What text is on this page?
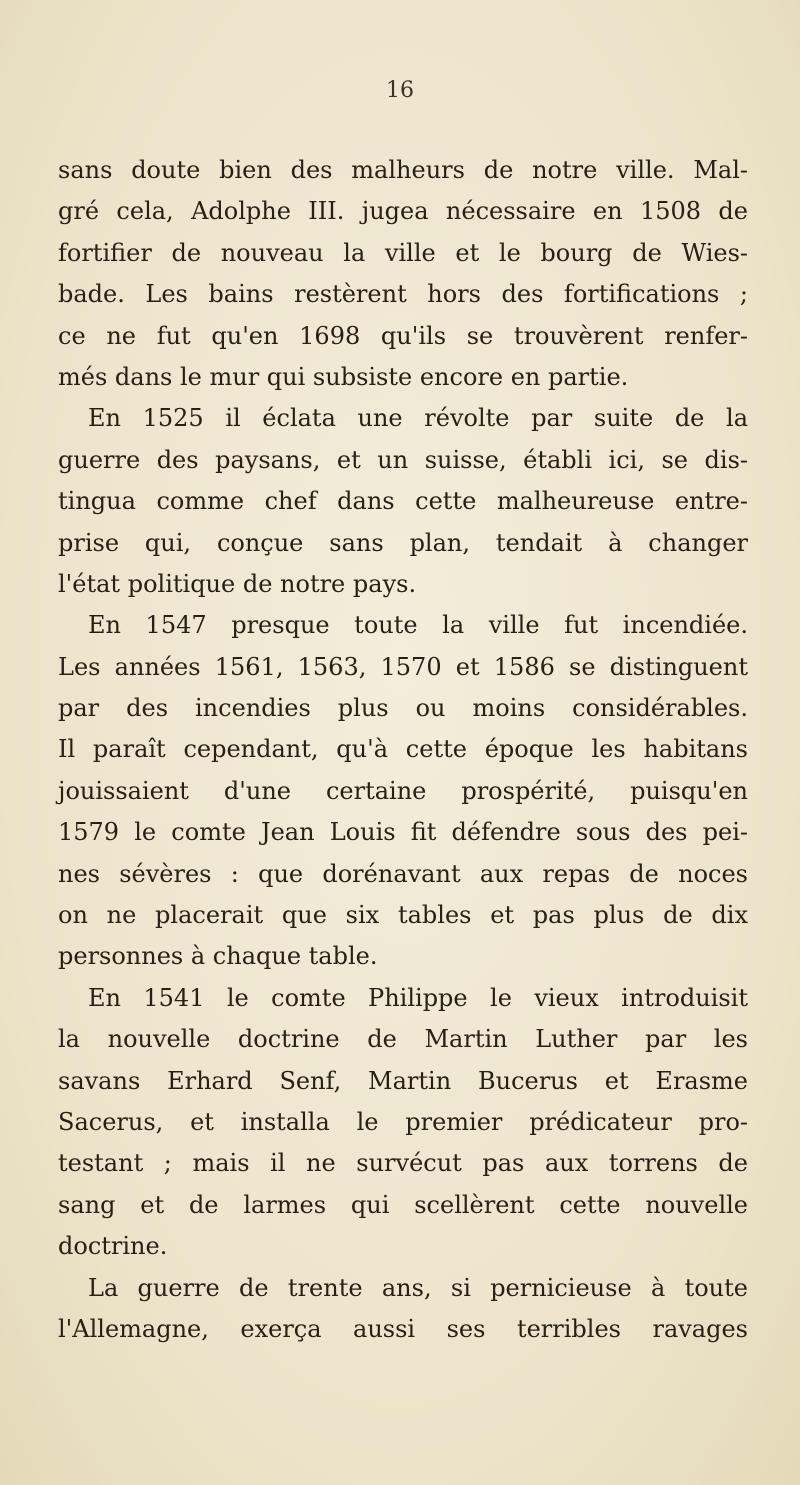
16
sans doute bien des malheurs de notre ville. Mal-
gré cela, Adolphe III. jugea nécessaire en 1508 de
fortifier de nouveau la ville et le bourg de Wies-
bade. Les bains restèrent hors des fortifications ;
ce ne fut qu'en 1698 qu'ils se trouvèrent renfer-
més dans le mur qui subsiste encore en partie.
En 1525 il éclata une révolte par suite de la
guerre des paysans, et un suisse, établi ici, se dis-
tingua comme chef dans cette malheureuse entre-
prise qui, conçue sans plan, tendait à changer
l'état politique de notre pays.
En 1547 presque toute la ville fut incendiée.
Les années 1561, 1563, 1570 et 1586 se distinguent
par des incendies plus ou moins considérables.
Il paraît cependant, qu'à cette époque les habitans
jouissaient d'une certaine prospérité, puisqu'en
1579 le comte Jean Louis fit défendre sous des pei-
nes sévères : que dorénavant aux repas de noces
on ne placerait que six tables et pas plus de dix
personnes à chaque table.
En 1541 le comte Philippe le vieux introduisit
la nouvelle doctrine de Martin Luther par les
savans Erhard Senf, Martin Bucerus et Erasme
Sacerus, et installa le premier prédicateur pro-
testant ; mais il ne survécut pas aux torrens de
sang et de larmes qui scellèrent cette nouvelle
doctrine.
La guerre de trente ans, si pernicieuse à toute
l'Allemagne, exerça aussi ses terribles ravages
